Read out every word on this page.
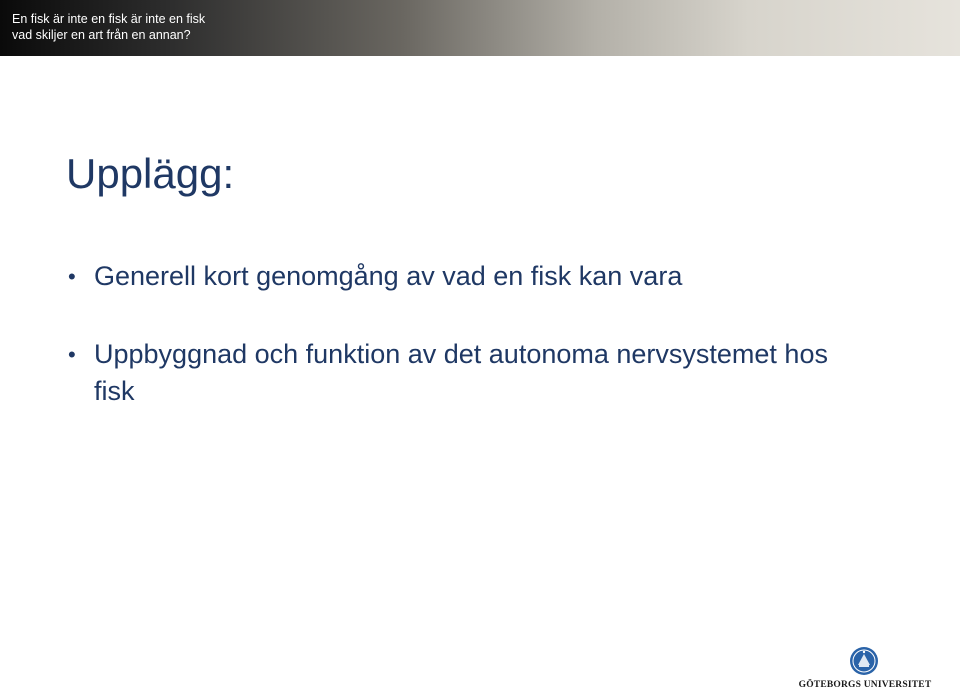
En fisk är inte en fisk är inte en fisk
vad skiljer en art från en annan?
Upplägg:
• Generell kort genomgång av vad en fisk kan vara
• Uppbyggnad och funktion av det autonoma nervsystemet hos fisk
GÖTEBORGS UNIVERSITET
